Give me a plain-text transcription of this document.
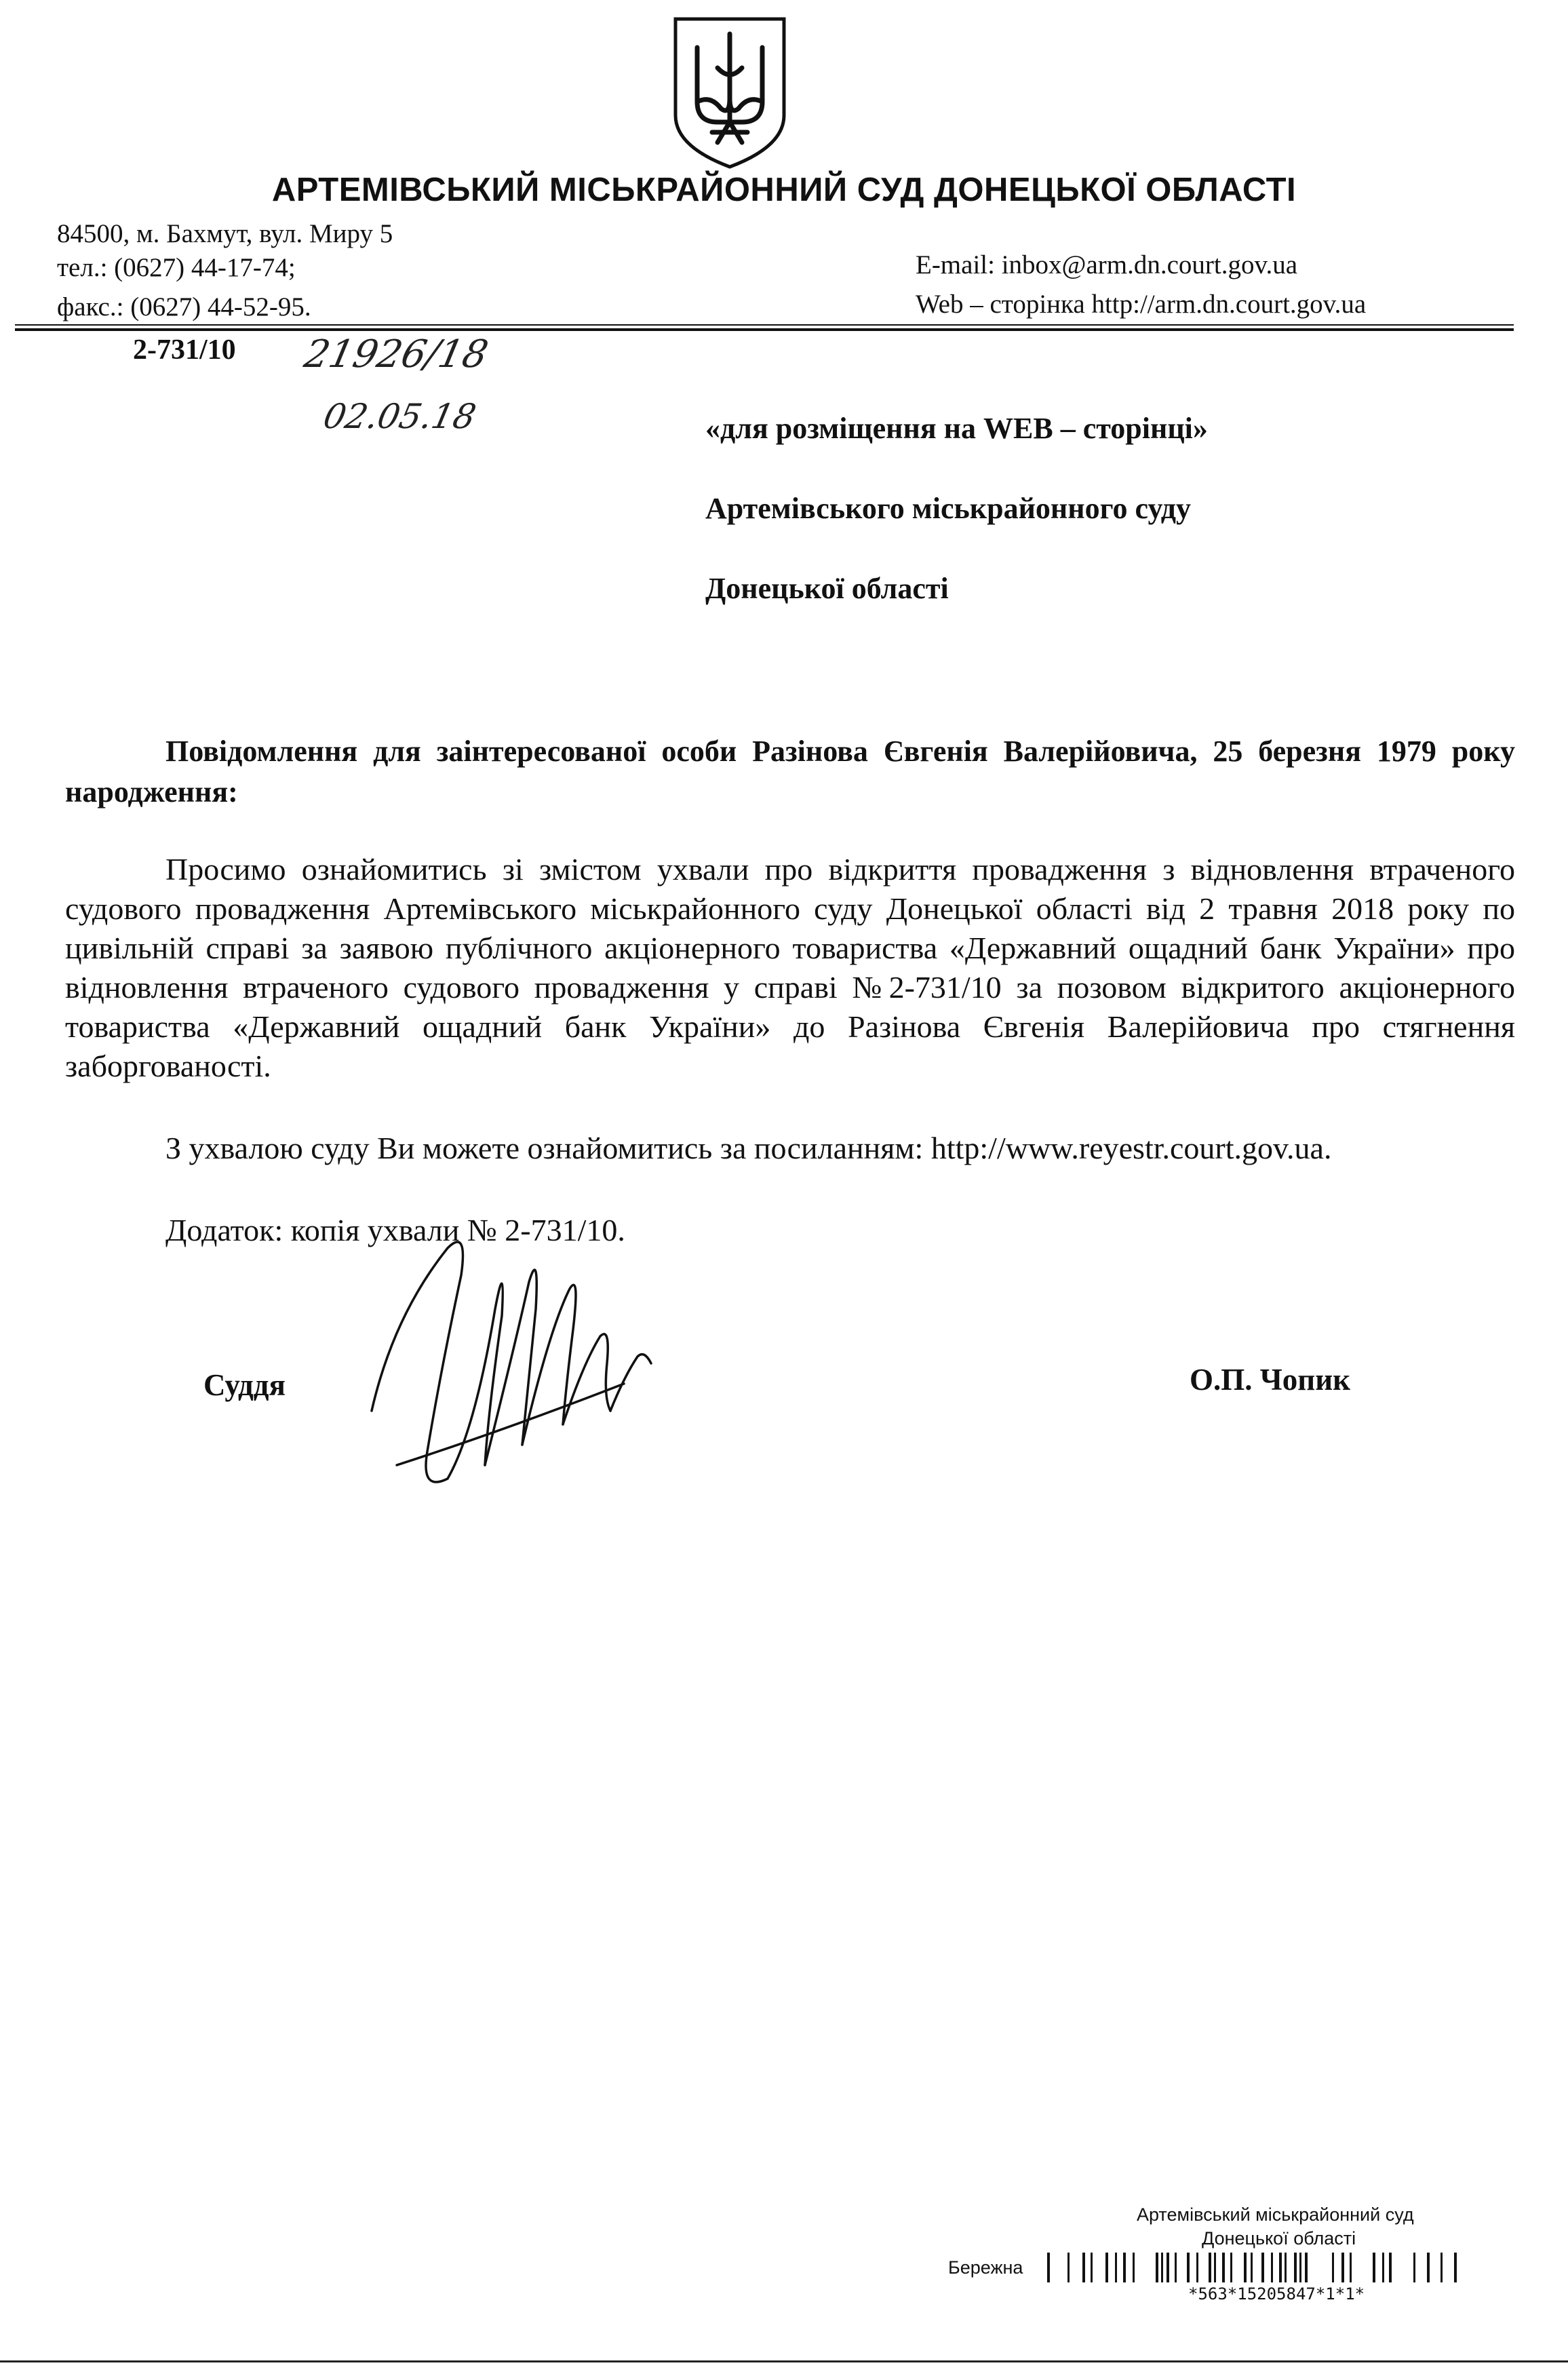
АРТЕМІВСЬКИЙ МІСЬКРАЙОННИЙ СУД ДОНЕЦЬКОЇ ОБЛАСТІ
84500, м. Бахмут, вул. Миру 5
тел.: (0627) 44-17-74;
факс.: (0627) 44-52-95.
E-mail: inbox@arm.dn.court.gov.ua
Web – сторінка http://arm.dn.court.gov.ua
2-731/10 21926/18
02.05.18	«для розміщення на WEB – сторінці»
Артемівського міськрайонного суду
Донецької області
Повідомлення для заінтересованої особи Разінова Євгенія Валерійовича, 25 березня 1979 року народження:
Просимо ознайомитись зі змістом ухвали про відкриття провадження з відновлення втраченого судового провадження Артемівського міськрайонного суду Донецької області від 2 травня 2018 року по цивільній справі за заявою публічного акціонерного товариства «Державний ощадний банк України» про відновлення втраченого судового провадження у справі №2-731/10 за позовом відкритого акціонерного товариства «Державний ощадний банк України» до Разінова Євгенія Валерійовича про стягнення заборгованості.
З ухвалою суду Ви можете ознайомитись за посиланням: http://www.reyestr.court.gov.ua.
Додаток: копія ухвали № 2-731/10.
Суддя	О.П. Чопик
Артемівський міськрайонний суд
Донецької області
Бережна
*563*15205847*1*1*
